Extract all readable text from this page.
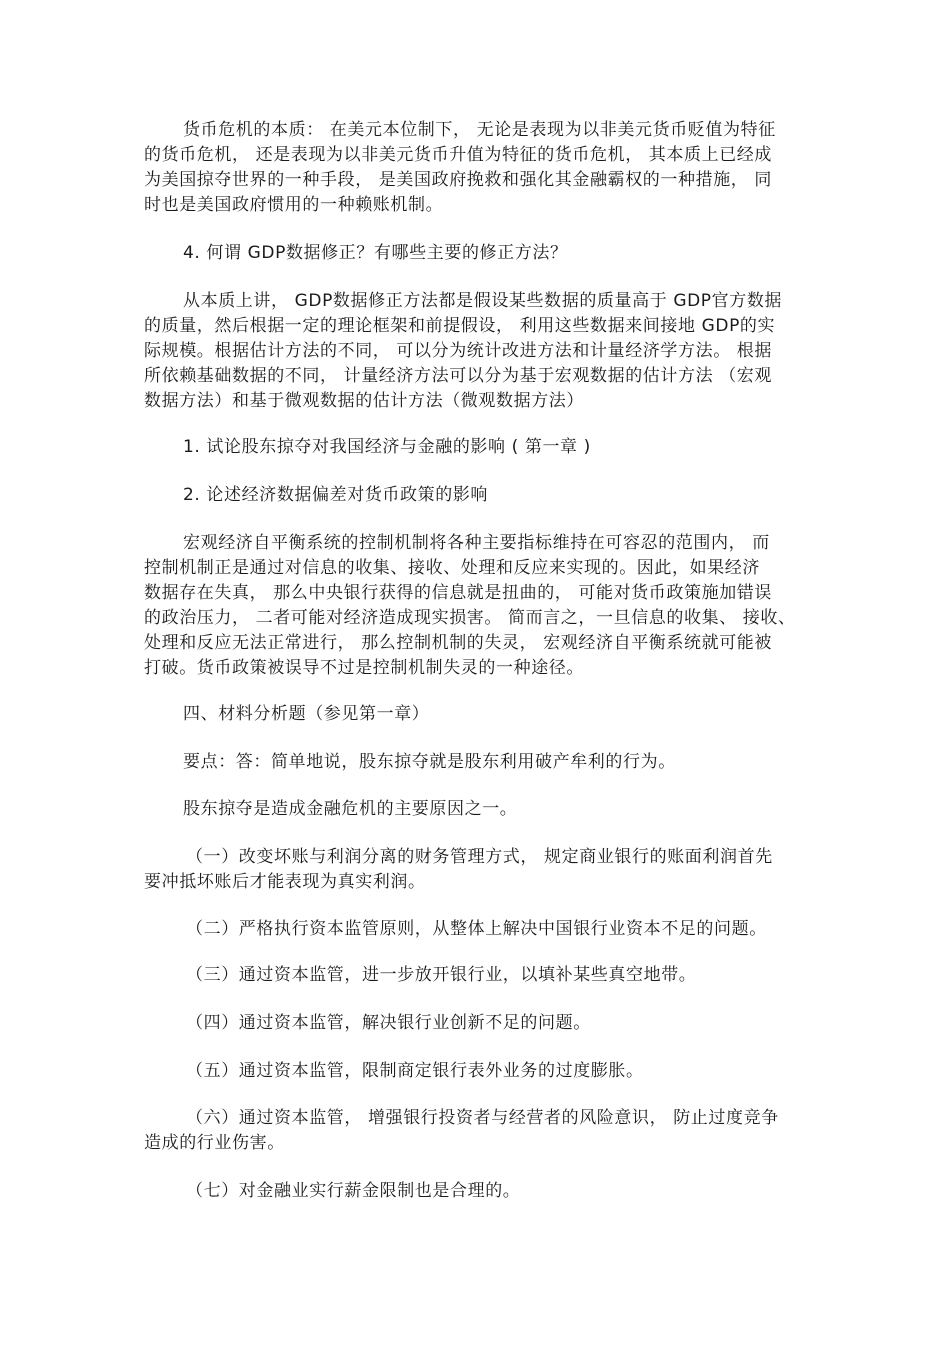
货币危机的本质： 在美元本位制下， 无论是表现为以非美元货币贬值为特征
的货币危机， 还是表现为以非美元货币升值为特征的货币危机， 其本质上已经成
为美国掠夺世界的一种手段， 是美国政府挽救和强化其金融霸权的一种措施， 同
时也是美国政府惯用的一种赖账机制。
4. 何谓 GDP数据修正？有哪些主要的修正方法？
从本质上讲， GDP数据修正方法都是假设某些数据的质量高于 GDP官方数据
的质量，然后根据一定的理论框架和前提假设， 利用这些数据来间接地 GDP的实
际规模。根据估计方法的不同， 可以分为统计改进方法和计量经济学方法。 根据
所依赖基础数据的不同， 计量经济方法可以分为基于宏观数据的估计方法 （宏观
数据方法）和基于微观数据的估计方法（微观数据方法）
1. 试论股东掠夺对我国经济与金融的影响 ( 第一章 )
2. 论述经济数据偏差对货币政策的影响
宏观经济自平衡系统的控制机制将各种主要指标维持在可容忍的范围内， 而
控制机制正是通过对信息的收集、接收、处理和反应来实现的。因此，如果经济
数据存在失真， 那么中央银行获得的信息就是扭曲的， 可能对货币政策施加错误
的政治压力， 二者可能对经济造成现实损害。 简而言之，一旦信息的收集、 接收、
处理和反应无法正常进行， 那么控制机制的失灵， 宏观经济自平衡系统就可能被
打破。货币政策被误导不过是控制机制失灵的一种途径。
四、材料分析题（参见第一章）
要点：答：简单地说，股东掠夺就是股东利用破产牟利的行为。
股东掠夺是造成金融危机的主要原因之一。
（一）改变坏账与利润分离的财务管理方式， 规定商业银行的账面利润首先
要冲抵坏账后才能表现为真实利润。
（二）严格执行资本监管原则，从整体上解决中国银行业资本不足的问题。
（三）通过资本监管，进一步放开银行业，以填补某些真空地带。
（四）通过资本监管，解决银行业创新不足的问题。
（五）通过资本监管，限制商定银行表外业务的过度膨胀。
（六）通过资本监管， 增强银行投资者与经营者的风险意识， 防止过度竞争
造成的行业伤害。
（七）对金融业实行薪金限制也是合理的。
